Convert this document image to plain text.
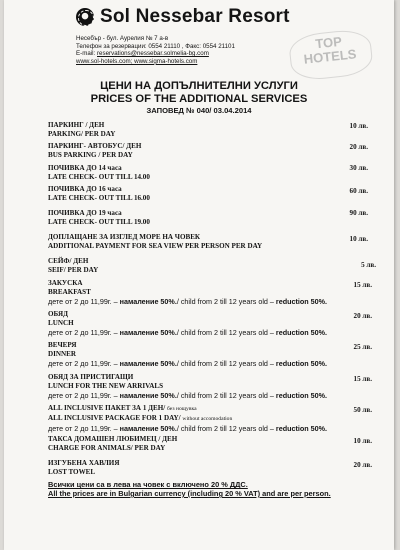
Sol Nessebar Resort
Несебър - бул. Аурелия № 7 а-в
Телефон за резервации: 0554 21110 , Факс: 0554 21101
E-mail: reservations@nessebar.solmelia-bg.com
www.sol-hotels.com; www.sigma-hotels.com
TOP
HOTELS
ЦЕНИ НА ДОПЪЛНИТЕЛНИ УСЛУГИ
PRICES OF THE ADDITIONAL SERVICES
ЗАПОВЕД № 040/ 03.04.2014
ПАРКИНГ / ДЕН
PARKING/ PER DAY
10 лв.
ПАРКИНГ- АВТОБУС/ ДЕН
BUS PARKING / PER DAY
20 лв.
ПОЧИВКА ДО 14 часа
LATE CHECK- OUT TILL 14.00
30 лв.
ПОЧИВКА ДО 16 часа
LATE CHECK- OUT TILL 16.00
60 лв.
ПОЧИВКА ДО 19 часа
LATE CHECK- OUT TILL 19.00
90 лв.
ДОПЛАЩАНЕ ЗА ИЗГЛЕД МОРЕ НА ЧОВЕК
ADDITIONAL PAYMENT FOR SEA VIEW PER PERSON PER DAY
10 лв.
СЕЙФ/ ДЕН
SEIF/ PER DAY
5 лв.
ЗАКУСКА
BREAKFAST
дете от 2 до 11,99г. – намаление 50%./ child from 2 till 12 years old – reduction 50%.
15 лв.
ОБЯД
LUNCH
дете от 2 до 11,99г. – намаление 50%./ child from 2 till 12 years old – reduction 50%.
20 лв.
ВЕЧЕРЯ
DINNER
дете от 2 до 11,99г. – намаление 50%./ child from 2 till 12 years old – reduction 50%.
25 лв.
ОБЯД ЗА ПРИСТИГАЩИ
LUNCH FOR THE NEW ARRIVALS
дете от 2 до 11,99г. – намаление 50%./ child from 2 till 12 years old – reduction 50%.
15 лв.
ALL INCLUSIVE ПАКЕТ ЗА 1 ДЕН/ без нощувка
ALL INCLUSIVE PACKAGE FOR 1 DAY/ without accomodation
дете от 2 до 11,99г. – намаление 50%./ child from 2 till 12 years old – reduction 50%.
50 лв.
ТАКСА ДОМАШЕН ЛЮБИМЕЦ / ДЕН
CHARGE FOR ANIMALS/ PER DAY
10 лв.
ИЗГУБЕНА ХАВЛИЯ
LOST TOWEL
20 лв.
Всички цени са в лева на човек с включено 20 % ДДС.
All the prices are in Bulgarian currency (including 20 % VAT) and are per person.
